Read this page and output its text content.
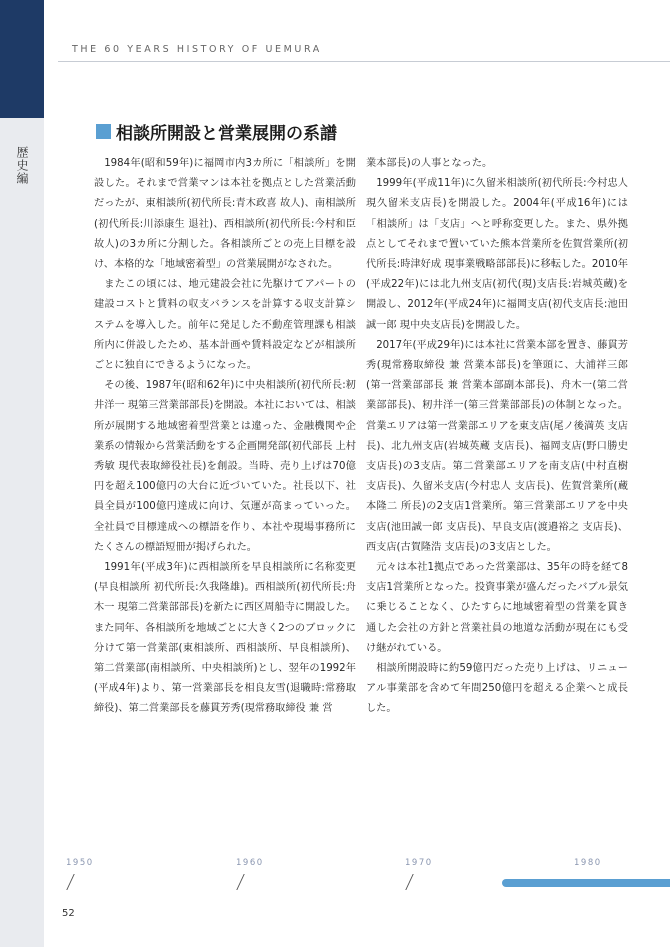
歴史編
THE 60 YEARS HISTORY OF UEMURA
相談所開設と営業展開の系譜

1984年(昭和59年)に福岡市内3カ所に「相談所」を開設した。それまで営業マンは本社を拠点とした営業活動だったが、東相談所(初代所長:青木政喜 故人)、南相談所(初代所長:川添康生 退社)、西相談所(初代所長:今村和臣 故人)の3カ所に分割した。各相談所ごとの売上目標を設け、本格的な「地域密着型」の営業展開がなされた。

またこの頃には、地元建設会社に先駆けてアパートの建設コストと賃料の収支バランスを計算する収支計算システムを導入した。前年に発足した不動産管理課も相談所内に併設したため、基本計画や賃料設定などが相談所ごとに独自にできるようになった。

その後、1987年(昭和62年)に中央相談所(初代所長:籾井洋一 現第三営業部部長)を開設。本社においては、相談所が展開する地域密着型営業とは違った、金融機関や企業系の情報から営業活動をする企画開発部(初代部長 上村秀敏 現代表取締役社長)を創設。当時、売り上げは70億円を超え100億円の大台に近づいていた。社長以下、社員全員が100億円達成に向け、気運が高まっていった。全社員で目標達成への標語を作り、本社や現場事務所にたくさんの標語短冊が掲げられた。

1991年(平成3年)に西相談所を早良相談所に名称変更(早良相談所 初代所長:久我隆雄)。西相談所(初代所長:舟木一 現第二営業部部長)を新たに西区周船寺に開設した。また同年、各相談所を地域ごとに大きく2つのブロックに分けて第一営業部(東相談所、西相談所、早良相談所)、第二営業部(南相談所、中央相談所)とし、翌年の1992年(平成4年)より、第一営業部長を相良友雪(退職時:常務取締役)、第二営業部長を藤貫芳秀(現常務取締役 兼 営

業本部長)の人事となった。

1999年(平成11年)に久留米相談所(初代所長:今村忠人 現久留米支店長)を開設した。2004年(平成16年)には「相談所」は「支店」へと呼称変更した。また、県外拠点としてそれまで置いていた熊本営業所を佐賀営業所(初代所長:時津好成 現事業戦略部部長)に移転した。2010年(平成22年)には北九州支店(初代(現)支店長:岩城英蔵)を開設し、2012年(平成24年)に福岡支店(初代支店長:池田誠一郎 現中央支店長)を開設した。

2017年(平成29年)には本社に営業本部を置き、藤貫芳秀(現常務取締役 兼 営業本部長)を筆頭に、大浦祥三郎(第一営業部部長 兼 営業本部副本部長)、舟木一(第二営業部部長)、籾井洋一(第三営業部部長)の体制となった。営業エリアは第一営業部エリアを東支店(尾ノ後満英 支店長)、北九州支店(岩城英蔵 支店長)、福岡支店(野口勝史 支店長)の3支店。第二営業部エリアを南支店(中村直樹 支店長)、久留米支店(今村忠人 支店長)、佐賀営業所(蔵本隆二 所長)の2支店1営業所。第三営業部エリアを中央支店(池田誠一郎 支店長)、早良支店(渡邉裕之 支店長)、西支店(古賀隆浩 支店長)の3支店とした。

元々は本社1拠点であった営業部は、35年の時を経て8支店1営業所となった。投資事業が盛んだったバブル景気に乗じることなく、ひたすらに地域密着型の営業を貫き通した会社の方針と営業社員の地道な活動が現在にも受け継がれている。

相談所開設時に約59億円だった売り上げは、リニューアル事業部を含めて年間250億円を超える企業へと成長した。

1950	1960	1970	1980
52
